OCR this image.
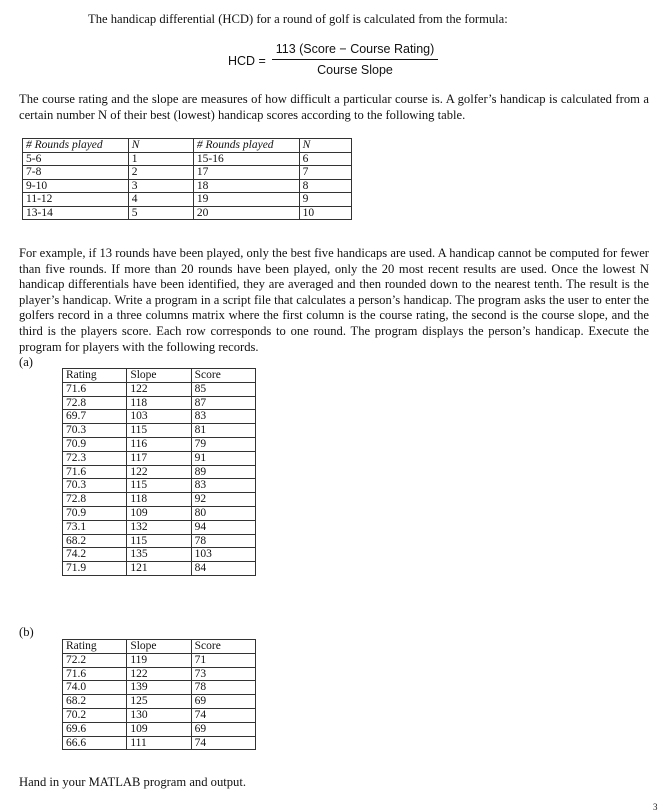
The handicap differential (HCD) for a round of golf is calculated from the formula:
HCD =
113 (Score − Course Rating)
Course Slope
The course rating and the slope are measures of how difficult a particular course is. A golfer’s handicap is calculated from a certain number N of their best (lowest) handicap scores according to the following table.
# Rounds played	N	# Rounds played	N
5-6	1	15-16	6
7-8	2	17	7
9-10	3	18	8
11-12	4	19	9
13-14	5	20	10
For example, if 13 rounds have been played, only the best five handicaps are used. A handicap cannot be computed for fewer than five rounds. If more than 20 rounds have been played, only the 20 most recent results are used. Once the lowest N handicap differentials have been identified, they are averaged and then rounded down to the nearest tenth. The result is the player’s handicap. Write a program in a script file that calculates a person’s handicap. The program asks the user to enter the golfers record in a three columns matrix where the first column is the course rating, the second is the course slope, and the third is the players score. Each row corresponds to one round. The program displays the person’s handicap. Execute the program for players with the following records.
(a)
Rating	Slope	Score
71.6	122	85
72.8	118	87
69.7	103	83
70.3	115	81
70.9	116	79
72.3	117	91
71.6	122	89
70.3	115	83
72.8	118	92
70.9	109	80
73.1	132	94
68.2	115	78
74.2	135	103
71.9	121	84
(b)
Rating	Slope	Score
72.2	119	71
71.6	122	73
74.0	139	78
68.2	125	69
70.2	130	74
69.6	109	69
66.6	111	74
Hand in your MATLAB program and output.
3
